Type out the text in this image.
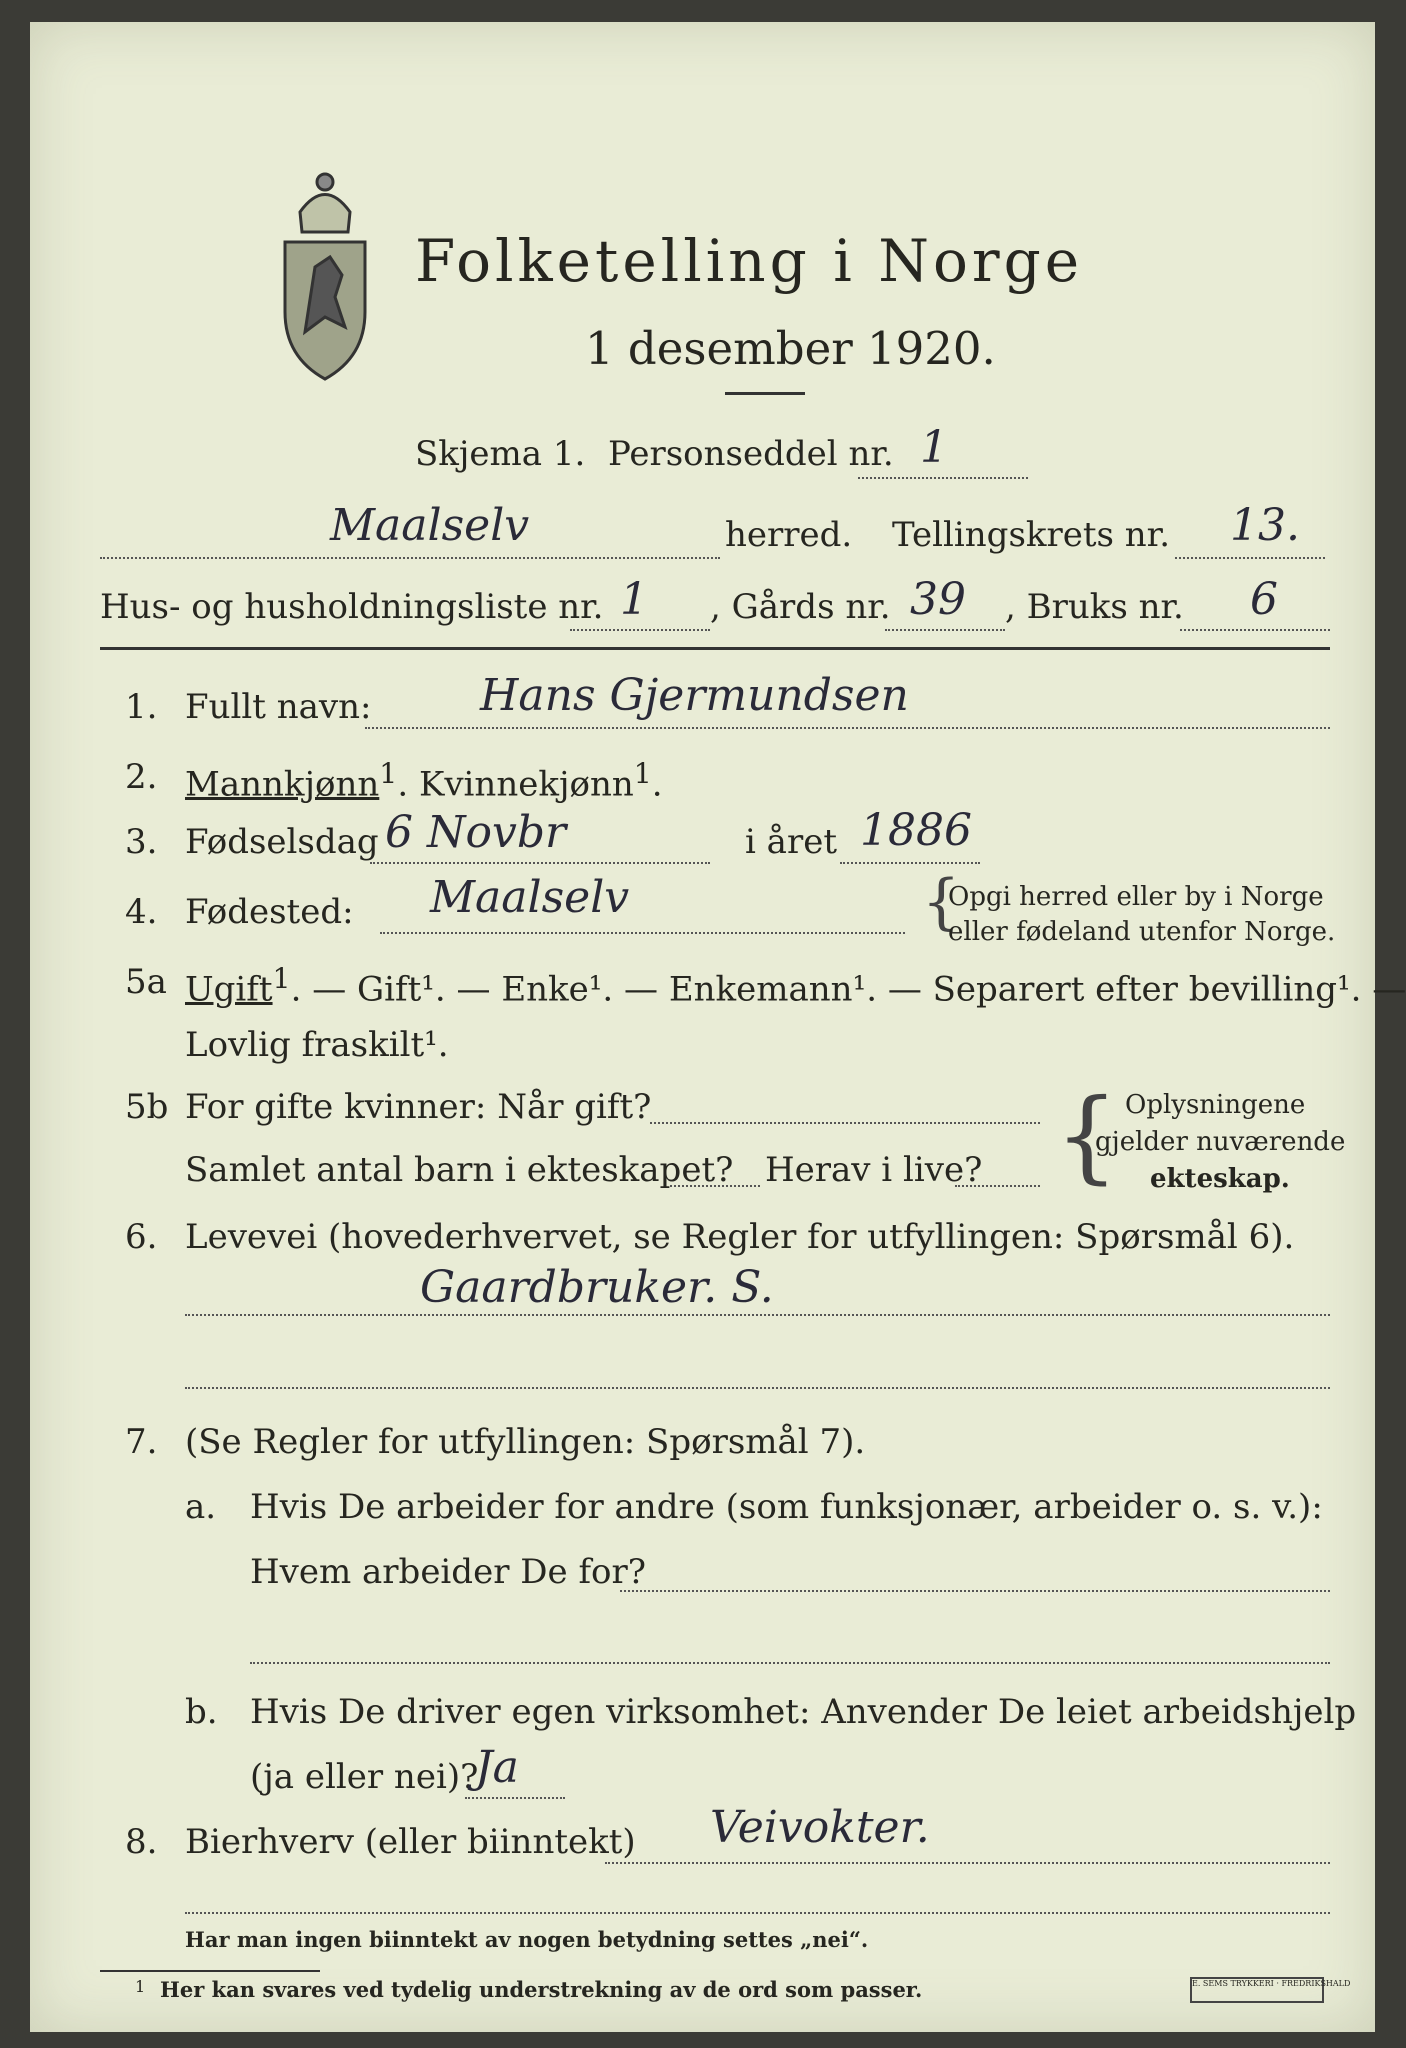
Folketelling i Norge
1 desember 1920.
Skjema 1. Personseddel nr. 1
Maalselv	herred. Tellingskrets nr. 13.
Hus- og husholdningsliste nr. 1 , Gårds nr. 39 , Bruks nr. 6
1. Fullt navn: Hans Gjermundsen
2. Mannkjønn$^1$. Kvinnekjønn$^1$.
3. Fødselsdag 6 Novbr	i året 1886
4. Fødested: Maalselv	{
Opgi herred eller by i Norge
eller fødeland utenfor Norge.
5a Ugift$^1$. — Gift¹. — Enke¹. — Enkemann¹. — Separert efter bevilling¹. —
Lovlig fraskilt¹.
5b For gifte kvinner: Når gift?
Samlet antal barn i ekteskapet? Herav i live? { Oplysningene
gjelder nuværende
ekteskap.
6. Levevei (hovederhvervet, se Regler for utfyllingen: Spørsmål 6).
Gaardbruker. S.
7. (Se Regler for utfyllingen: Spørsmål 7).
a. Hvis De arbeider for andre (som funksjonær, arbeider o. s. v.):
Hvem arbeider De for?
b. Hvis De driver egen virksomhet: Anvender De leiet arbeidshjelp
(ja eller nei)?
Ja
8. Bierhverv (eller biinntekt) Veivokter.
Har man ingen biinntekt av nogen betydning settes „nei“.
1 Her kan svares ved tydelig understrekning av de ord som passer.	E. SEMS TRYKKERI · FREDRIKSHALD
